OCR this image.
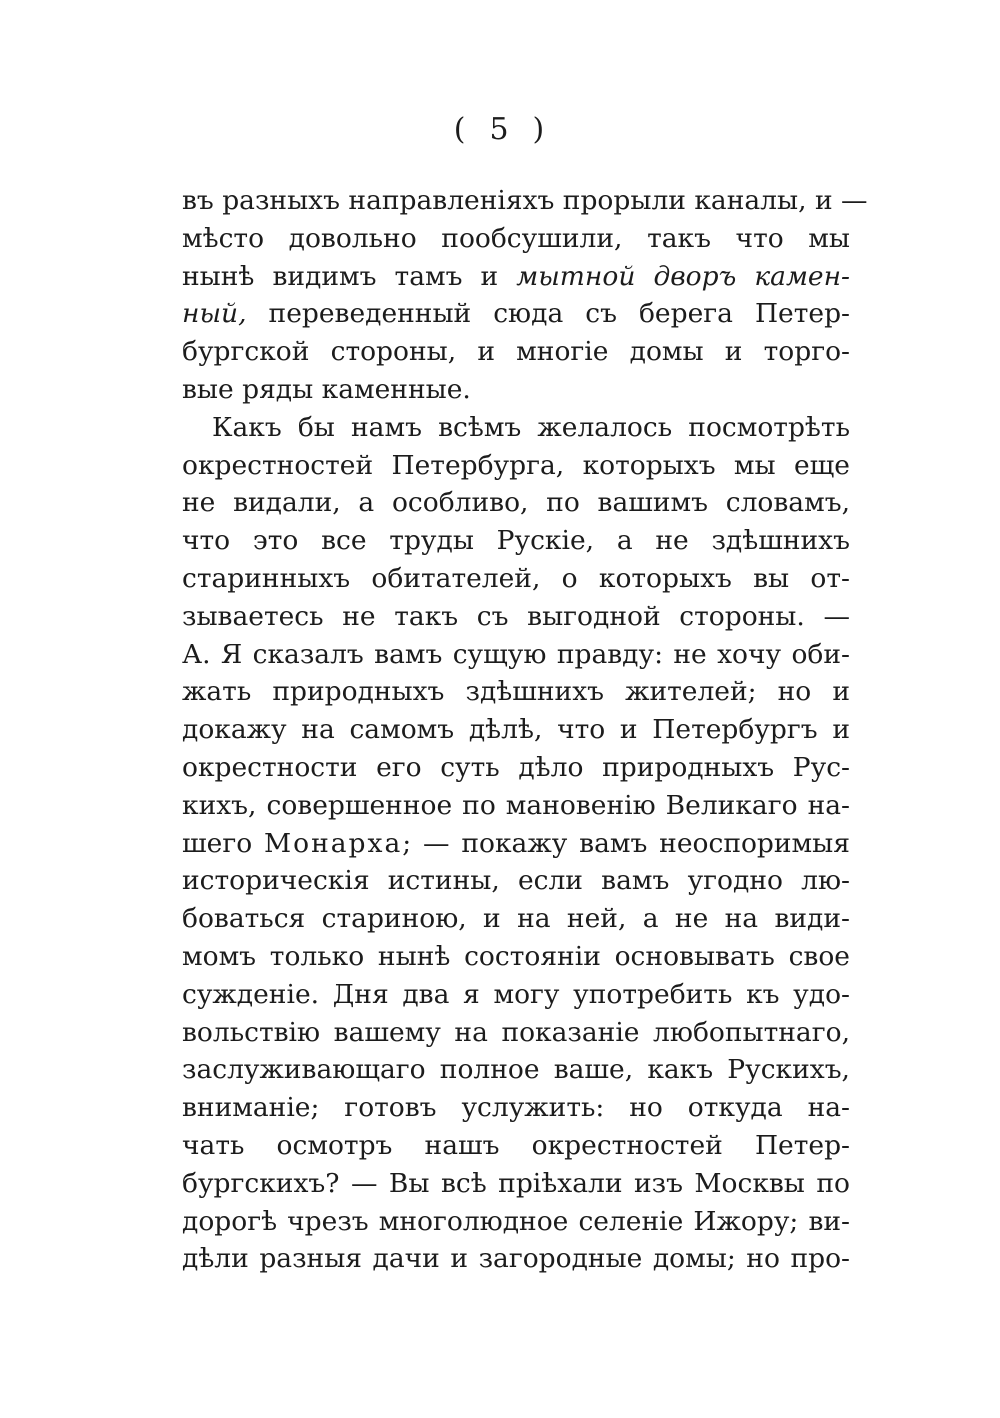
( 5 )
въ разныхъ направленіяхъ прорыли каналы, и —
мѣсто довольно пообсушили, такъ что мы
нынѣ видимъ тамъ и мытной дворъ камен-
ный, переведенный сюда съ берега Петер-
бургской стороны, и многіе домы и торго-
вые ряды каменные.
Какъ бы намъ всѣмъ желалось посмотрѣть
окрестностей Петербурга, которыхъ мы еще
не видали, а особливо, по вашимъ словамъ,
что это все труды Рускіе, а не здѣшнихъ
старинныхъ обитателей, о которыхъ вы от-
зываетесь не такъ съ выгодной стороны. —
А. Я сказалъ вамъ сущую правду: не хочу оби-
жать природныхъ здѣшнихъ жителей; но и
докажу на самомъ дѣлѣ, что и Петербургъ и
окрестности его суть дѣло природныхъ Рус-
кихъ, совершенное по мановенію Великаго на-
шего Монарха; — покажу вамъ неоспоримыя
историческія истины, если вамъ угодно лю-
боваться стариною, и на ней, а не на види-
момъ только нынѣ состояніи основывать свое
сужденіе. Дня два я могу употребить къ удо-
вольствію вашему на показаніе любопытнаго,
заслуживающаго полное ваше, какъ Рускихъ,
вниманіе; готовъ услужить: но откуда на-
чать осмотръ нашъ окрестностей Петер-
бургскихъ? — Вы всѣ пріѣхали изъ Москвы по
дорогѣ чрезъ многолюдное селеніе Ижору; ви-
дѣли разныя дачи и загородные домы; но про-
